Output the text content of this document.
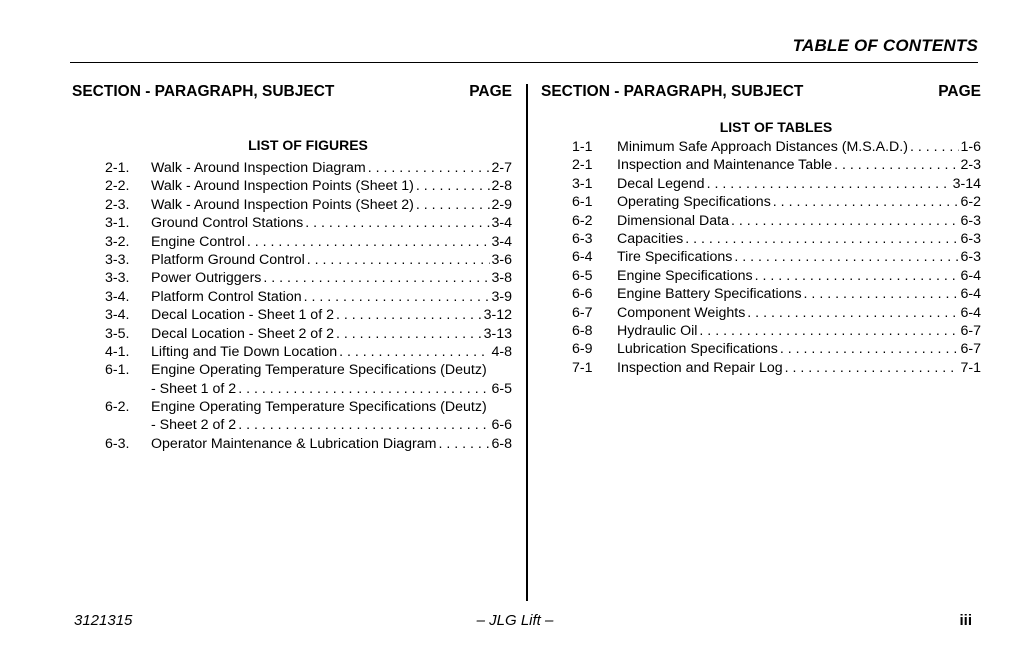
TABLE OF CONTENTS
SECTION - PARAGRAPH, SUBJECT	PAGE
LIST OF FIGURES
2-1. Walk - Around Inspection Diagram . . .	2-7
2-2. Walk - Around Inspection Points (Sheet 1) . . .	2-8
2-3. Walk - Around Inspection Points (Sheet 2) . . .	2-9
3-1. Ground Control Stations . . .	3-4
3-2. Engine Control . . .	3-4
3-3. Platform Ground Control . . .	3-6
3-3. Power Outriggers . . .	3-8
3-4. Platform Control Station . . .	3-9
3-4. Decal Location - Sheet 1 of 2 . . .	3-12
3-5. Decal Location - Sheet 2 of 2 . . .	3-13
4-1. Lifting and Tie Down Location . . .	4-8
6-1. Engine Operating Temperature Specifications (Deutz)
- Sheet 1 of 2 . . .	6-5
6-2. Engine Operating Temperature Specifications (Deutz)
- Sheet 2 of 2 . . .	6-6
6-3. Operator Maintenance & Lubrication Diagram . . .	6-8
SECTION - PARAGRAPH, SUBJECT	PAGE
LIST OF TABLES
1-1 Minimum Safe Approach Distances (M.S.A.D.) . . .	1-6
2-1 Inspection and Maintenance Table . . .	2-3
3-1 Decal Legend . . .	3-14
6-1 Operating Specifications . . .	6-2
6-2 Dimensional Data . . .	6-3
6-3 Capacities . . .	6-3
6-4 Tire Specifications . . .	6-3
6-5 Engine Specifications . . .	6-4
6-6 Engine Battery Specifications . . .	6-4
6-7 Component Weights . . .	6-4
6-8 Hydraulic Oil . . .	6-7
6-9 Lubrication Specifications . . .	6-7
7-1 Inspection and Repair Log . . .	7-1
3121315	– JLG Lift –	iii
